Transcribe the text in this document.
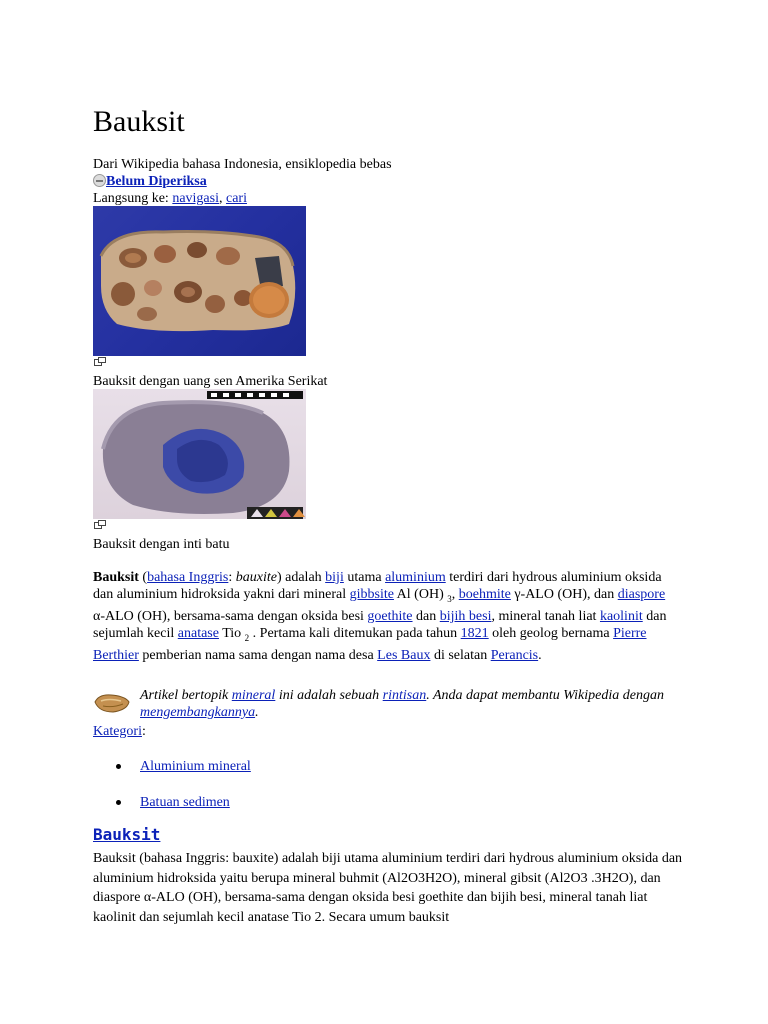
Bauksit
Dari Wikipedia bahasa Indonesia, ensiklopedia bebas
Belum Diperiksa
Langsung ke: navigasi, cari
Bauksit dengan uang sen Amerika Serikat
Bauksit dengan inti batu

Bauksit (bahasa Inggris: bauxite) adalah biji utama aluminium terdiri dari hydrous aluminium oksida dan aluminium hidroksida yakni dari mineral gibbsite Al (OH) $_3$, boehmite γ-ALO (OH), dan diaspore α-ALO (OH), bersama-sama dengan oksida besi goethite dan bijih besi, mineral tanah liat kaolinit dan sejumlah kecil anatase Tio $_2$ . Pertama kali ditemukan pada tahun 1821 oleh geolog bernama Pierre Berthier pemberian nama sama dengan nama desa Les Baux di selatan Perancis.

Artikel bertopik mineral ini adalah sebuah rintisan. Anda dapat membantu Wikipedia dengan mengembangkannya.
Kategori:
Aluminium mineral
Batuan sedimen
Bauksit
Bauksit (bahasa Inggris: bauxite) adalah biji utama aluminium terdiri dari hydrous aluminium oksida dan aluminium hidroksida yaitu berupa mineral buhmit (Al2O3H2O), mineral gibsit (Al2O3 .3H2O), dan diaspore α-ALO (OH), bersama-sama dengan oksida besi goethite dan bijih besi, mineral tanah liat kaolinit dan sejumlah kecil anatase Tio 2. Secara umum bauksit
